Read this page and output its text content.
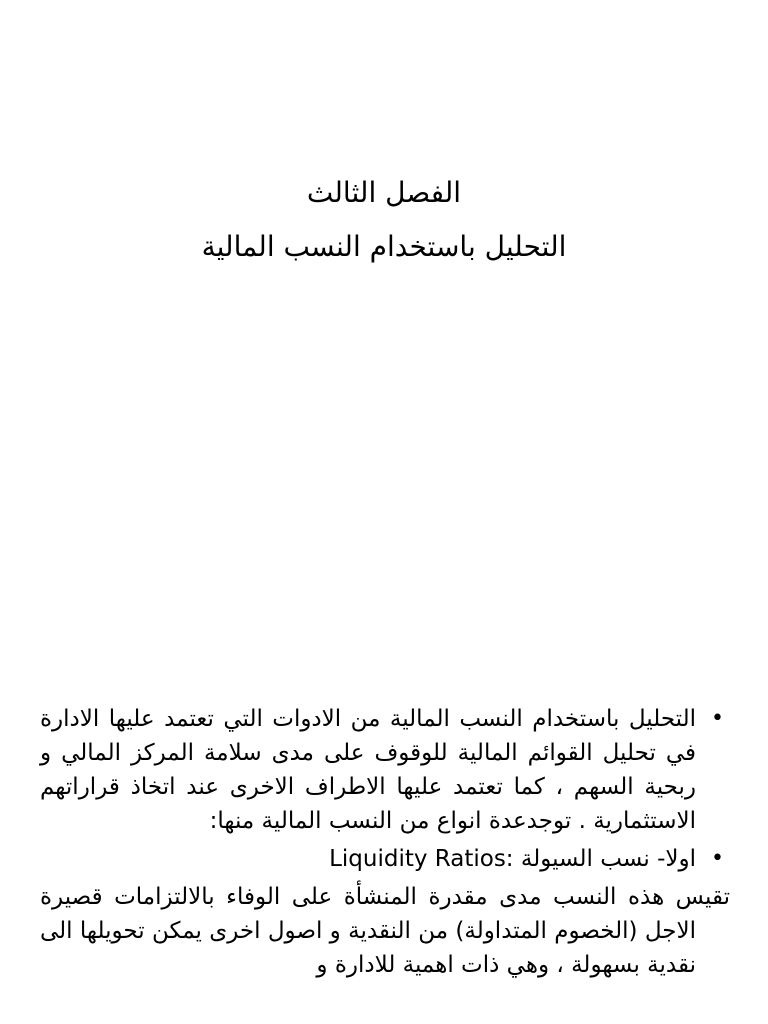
الفصل الثالث
التحليل باستخدام النسب المالية

•
التحليل باستخدام النسب المالية من الادوات التي تعتمد عليها الادارة في تحليل القوائم المالية للوقوف على مدى سلامة المركز المالي و ربحية السهم ، كما تعتمد عليها الاطراف الاخرى عند اتخاذ قراراتهم الاستثمارية . توجدعدة انواع من النسب المالية منها:

•
اولا- نسب السيولة Liquidity Ratios:

تقيس هذه النسب مدى مقدرة المنشأة على الوفاء بالالتزامات قصيرة الاجل (الخصوم المتداولة) من النقدية و اصول اخرى يمكن تحويلها الى نقدية بسهولة ، وهي ذات اهمية للادارة و
